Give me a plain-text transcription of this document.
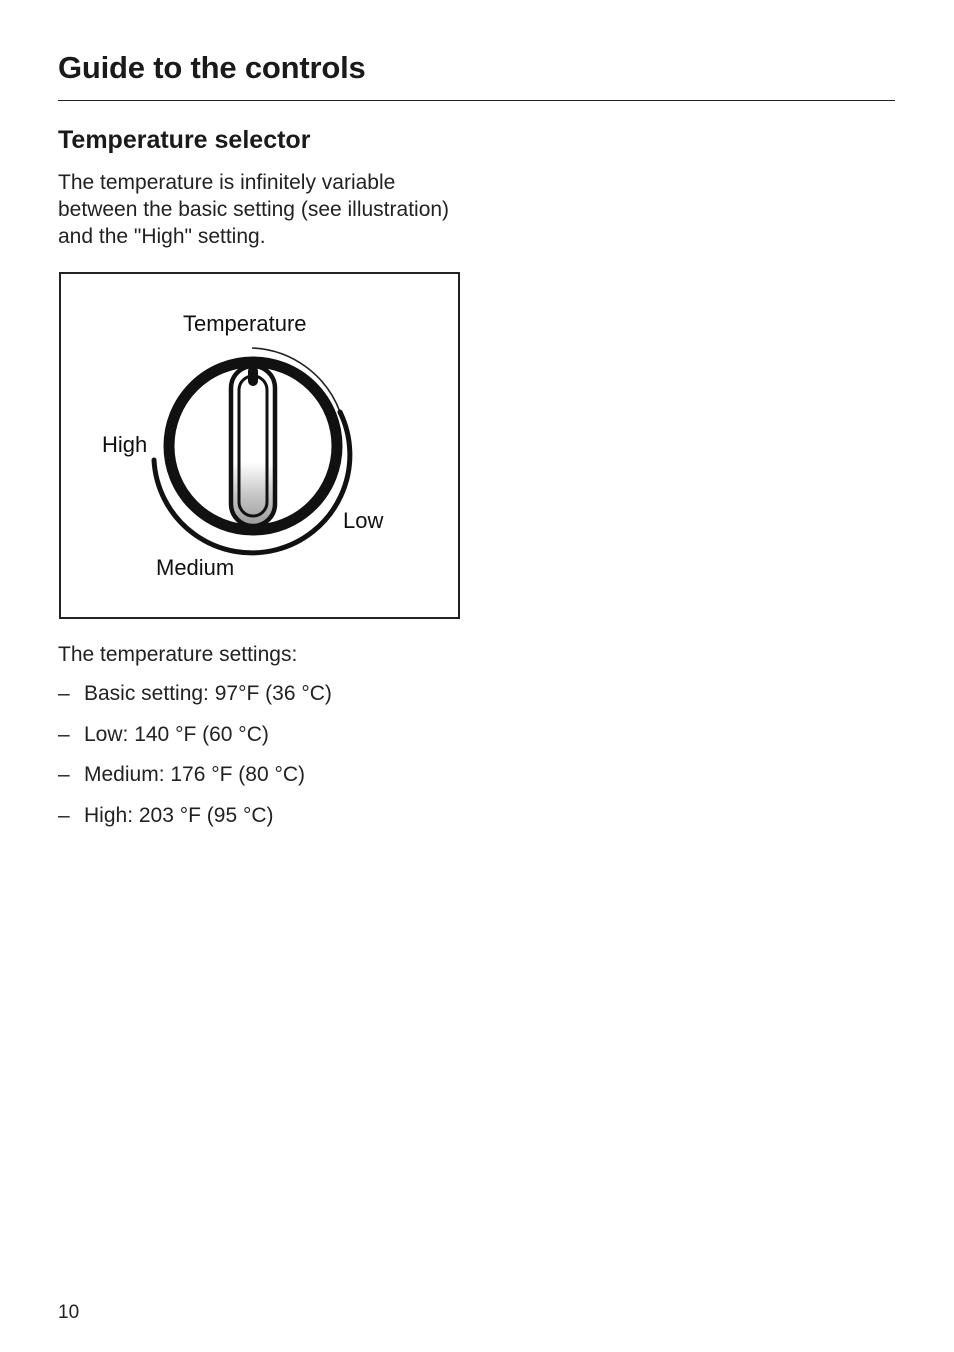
Guide to the controls
Temperature selector

The temperature is infinitely variable between the basic setting (see illustration) and the "High" setting.

Temperature
High
Low
Medium

The temperature settings:

– Basic setting: 97°F (36 °C)
– Low: 140 °F (60 °C)
– Medium: 176 °F (80 °C)
– High: 203 °F (95 °C)
10
